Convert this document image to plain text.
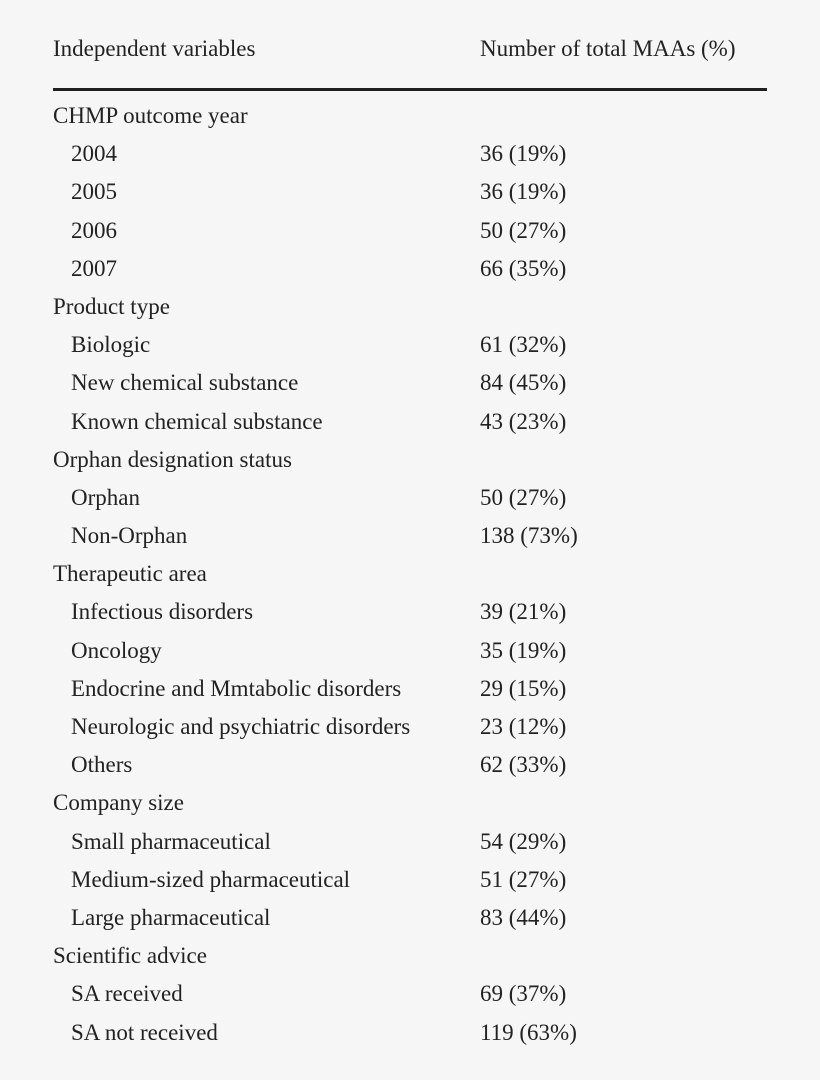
Independent variables	Number of total MAAs (%)
CHMP outcome year
2004	36 (19%)
2005	36 (19%)
2006	50 (27%)
2007	66 (35%)
Product type
Biologic	61 (32%)
New chemical substance	84 (45%)
Known chemical substance	43 (23%)
Orphan designation status
Orphan	50 (27%)
Non-Orphan	138 (73%)
Therapeutic area
Infectious disorders	39 (21%)
Oncology	35 (19%)
Endocrine and Mmtabolic disorders	29 (15%)
Neurologic and psychiatric disorders	23 (12%)
Others	62 (33%)
Company size
Small pharmaceutical	54 (29%)
Medium-sized pharmaceutical	51 (27%)
Large pharmaceutical	83 (44%)
Scientific advice
SA received	69 (37%)
SA not received	119 (63%)
